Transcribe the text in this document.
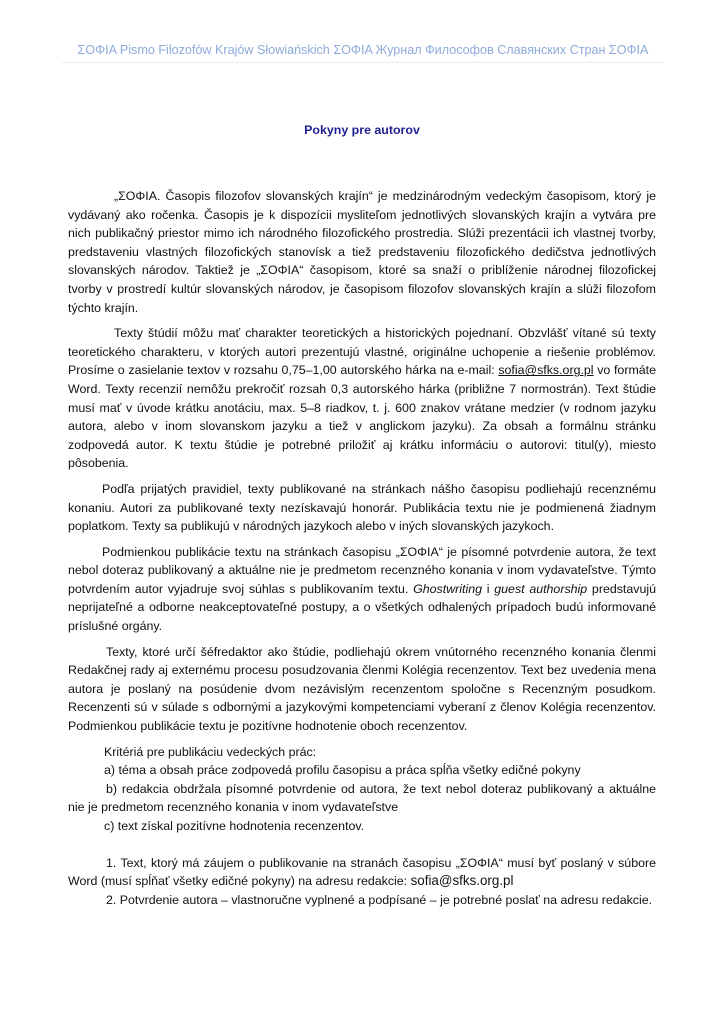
ΣΟΦΙΑ Pismo Filozofów Krajów Słowiańskich ΣΟΦΙΑ Журнал Философов Славянских Стран ΣΟΦΙΑ
Pokyny pre autorov

„ΣΟΦΙΑ. Časopis filozofov slovanských krajín“ je medzinárodným vedeckým časopisom, ktorý je vydávaný ako ročenka. Časopis je k dispozícii mysliteľom jednotlivých slovanských krajín a vytvára pre nich publikačný priestor mimo ich národného filozofického prostredia. Slúži prezentácii ich vlastnej tvorby, predstaveniu vlastných filozofických stanovísk a tiež predstaveniu filozofického dedičstva jednotlivých slovanských národov. Taktiež je „ΣΟΦΙΑ“ časopisom, ktoré sa snaží o priblíženie národnej filozofickej tvorby v prostredí kultúr slovanských národov, je časopisom filozofov slovanských krajín a slúži filozofom týchto krajín.

Texty štúdií môžu mať charakter teoretických a historických pojednaní. Obzvlášť vítané sú texty teoretického charakteru, v ktorých autori prezentujú vlastné, originálne uchopenie a riešenie problémov. Prosíme o zasielanie textov v rozsahu 0,75–1,00 autorského hárka na e-mail: sofia@sfks.org.pl vo formáte Word. Texty recenzií nemôžu prekročiť rozsah 0,3 autorského hárka (približne 7 normostrán). Text štúdie musí mať v úvode krátku anotáciu, max. 5–8 riadkov, t. j. 600 znakov vrátane medzier (v rodnom jazyku autora, alebo v inom slovanskom jazyku a tiež v anglickom jazyku). Za obsah a formálnu stránku zodpovedá autor. K textu štúdie je potrebné priložiť aj krátku informáciu o autorovi: titul(y), miesto pôsobenia.

Podľa prijatých pravidiel, texty publikované na stránkach nášho časopisu podliehajú recenznému konaniu. Autori za publikované texty nezískavajú honorár. Publikácia textu nie je podmienená žiadnym poplatkom. Texty sa publikujú v národných jazykoch alebo v iných slovanských jazykoch.

Podmienkou publikácie textu na stránkach časopisu „ΣΟΦΙΑ“ je písomné potvrdenie autora, že text nebol doteraz publikovaný a aktuálne nie je predmetom recenzného konania v inom vydavateľstve. Týmto potvrdením autor vyjadruje svoj súhlas s publikovaním textu. Ghostwriting i guest authorship predstavujú neprijateľné a odborne neakceptovateľné postupy, a o všetkých odhalených prípadoch budú informované príslušné orgány.

Texty, ktoré určí šéfredaktor ako štúdie, podliehajú okrem vnútorného recenzného konania členmi Redakčnej rady aj externému procesu posudzovania členmi Kolégia recenzentov. Text bez uvedenia mena autora je poslaný na posúdenie dvom nezávislým recenzentom spoločne s Recenzným posudkom. Recenzenti sú v súlade s odbornými a jazykovými kompetenciami vyberaní z členov Kolégia recenzentov. Podmienkou publikácie textu je pozitívne hodnotenie oboch recenzentov.

Kritériá pre publikáciu vedeckých prác:

a) téma a obsah práce zodpovedá profilu časopisu a práca spĺňa všetky edičné pokyny

b) redakcia obdržala písomné potvrdenie od autora, že text nebol doteraz publikovaný a aktuálne nie je predmetom recenzného konania v inom vydavateľstve

c) text získal pozitívne hodnotenia recenzentov.

1. Text, ktorý má záujem o publikovanie na stranách časopisu „ΣΟΦΙΑ“ musí byť poslaný v súbore Word (musí spĺňať všetky edičné pokyny) na adresu redakcie: sofia@sfks.org.pl

2. Potvrdenie autora – vlastnoručne vyplnené a podpísané – je potrebné poslať na adresu redakcie.
